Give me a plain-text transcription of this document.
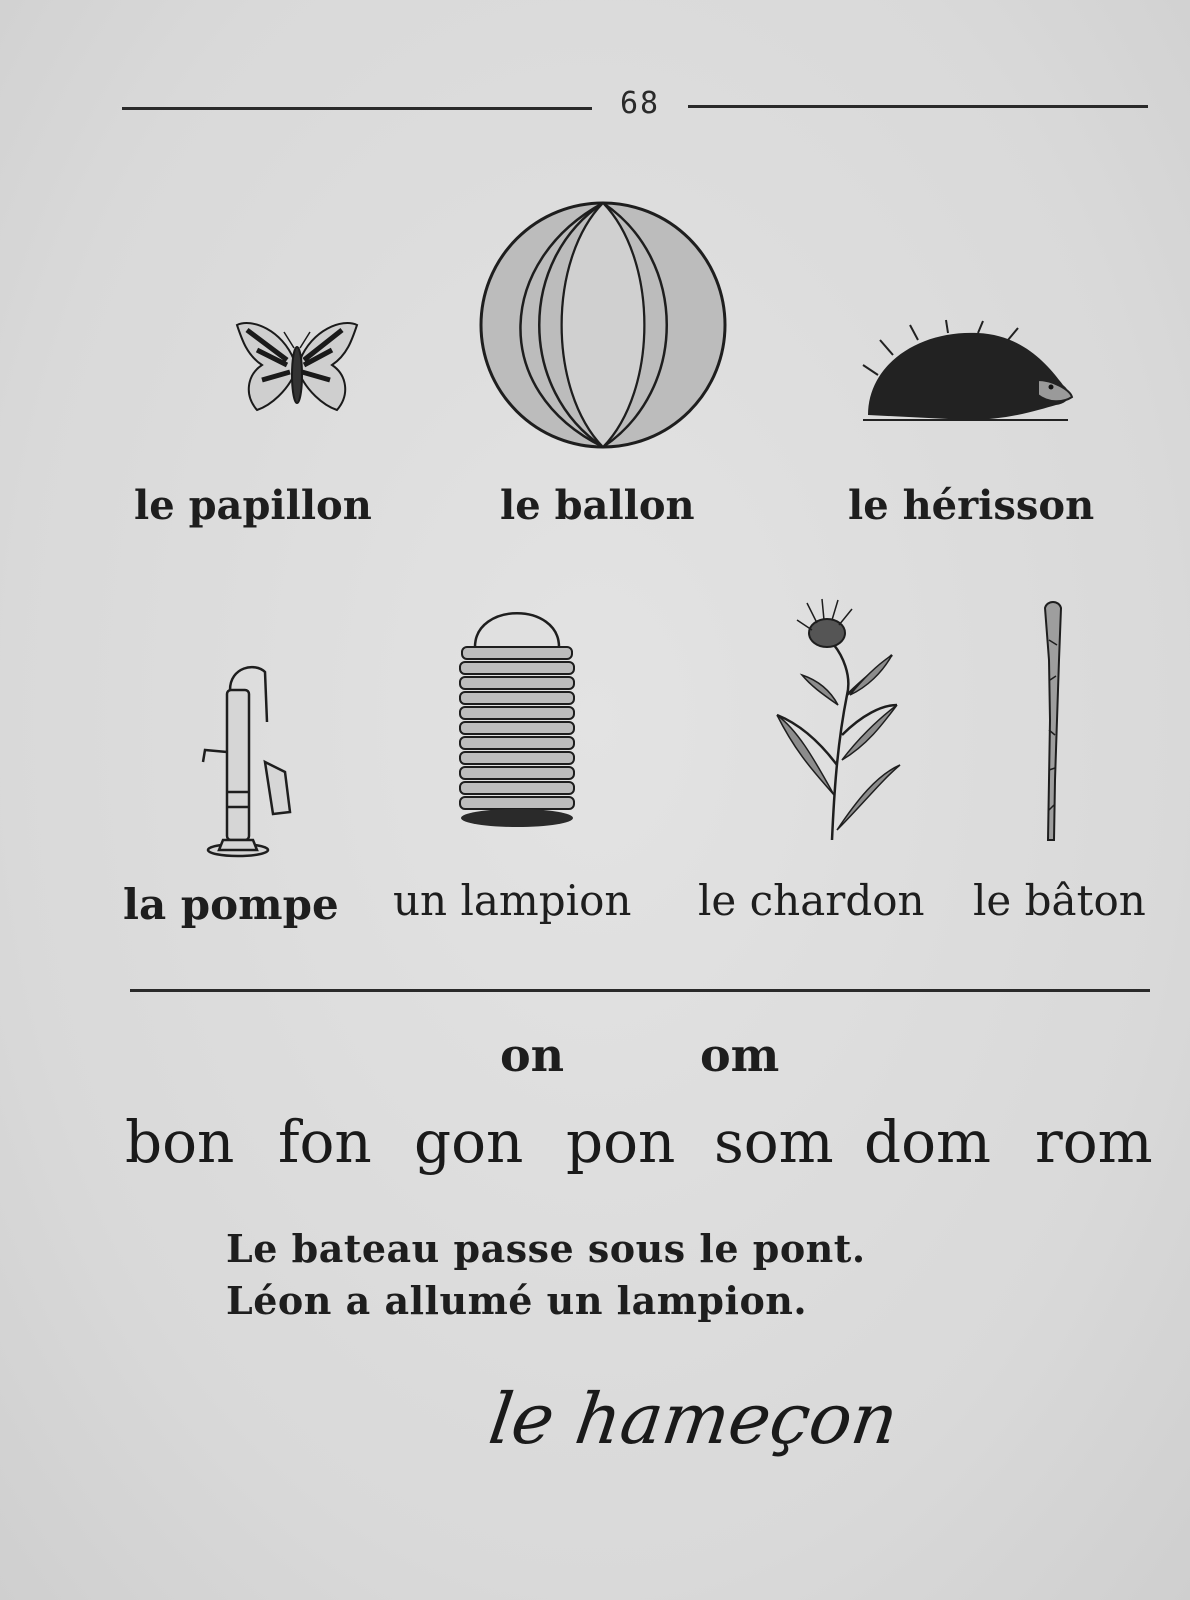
68
le papillon	le ballon	le hérisson
la pompe un lampion le chardon le bâton
on	om
bon fon gon pon som dom rom
Le bateau passe sous le pont.
Léon a allumé un lampion.
le hameçon
